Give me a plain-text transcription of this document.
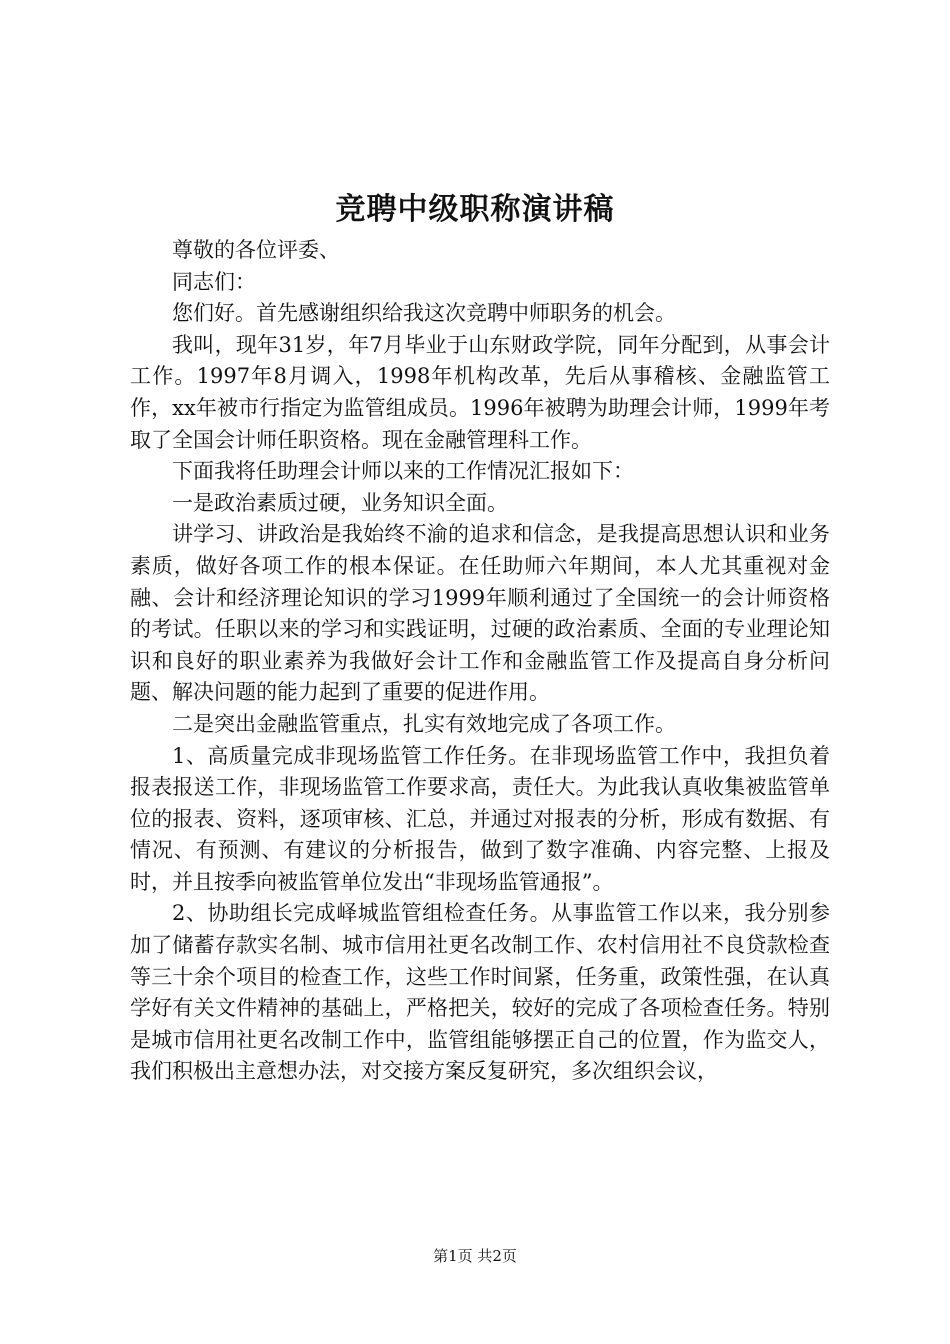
竞聘中级职称演讲稿

尊敬的各位评委、

同志们：

您们好。首先感谢组织给我这次竞聘中师职务的机会。

我叫，现年31岁，年7月毕业于山东财政学院，同年分配到，从事会计工作。1997年8月调入，1998年机构改革，先后从事稽核、金融监管工作，xx年被市行指定为监管组成员。1996年被聘为助理会计师，1999年考取了全国会计师任职资格。现在金融管理科工作。

下面我将任助理会计师以来的工作情况汇报如下：

一是政治素质过硬，业务知识全面。

讲学习、讲政治是我始终不渝的追求和信念，是我提高思想认识和业务素质，做好各项工作的根本保证。在任助师六年期间，本人尤其重视对金融、会计和经济理论知识的学习1999年顺利通过了全国统一的会计师资格的考试。任职以来的学习和实践证明，过硬的政治素质、全面的专业理论知识和良好的职业素养为我做好会计工作和金融监管工作及提高自身分析问题、解决问题的能力起到了重要的促进作用。

二是突出金融监管重点，扎实有效地完成了各项工作。

1、高质量完成非现场监管工作任务。在非现场监管工作中，我担负着报表报送工作，非现场监管工作要求高，责任大。为此我认真收集被监管单位的报表、资料，逐项审核、汇总，并通过对报表的分析，形成有数据、有情况、有预测、有建议的分析报告，做到了数字准确、内容完整、上报及时，并且按季向被监管单位发出“非现场监管通报”。

2、协助组长完成峄城监管组检查任务。从事监管工作以来，我分别参加了储蓄存款实名制、城市信用社更名改制工作、农村信用社不良贷款检查等三十余个项目的检查工作，这些工作时间紧，任务重，政策性强，在认真学好有关文件精神的基础上，严格把关，较好的完成了各项检查任务。特别是城市信用社更名改制工作中，监管组能够摆正自己的位置，作为监交人，我们积极出主意想办法，对交接方案反复研究，多次组织会议，

第1页 共2页
